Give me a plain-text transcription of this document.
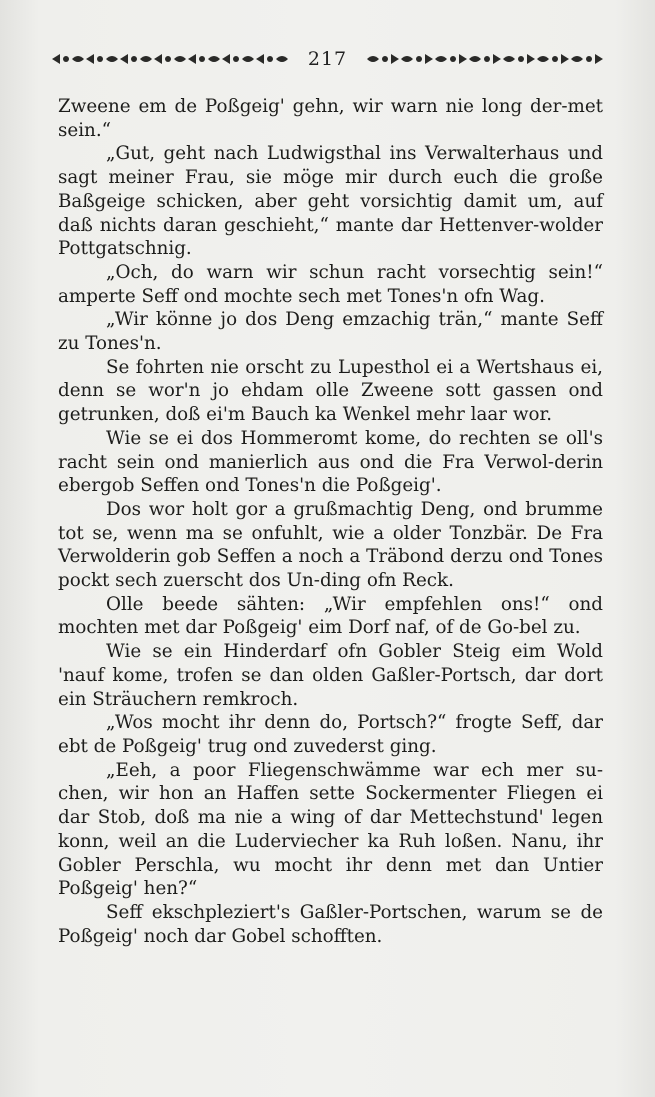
217

Zweene em de Poßgeig' gehn, wir warn nie long der-met sein.“

„Gut, geht nach Ludwigsthal ins Verwalterhaus und sagt meiner Frau, sie möge mir durch euch die große Baßgeige schicken, aber geht vorsichtig damit um, auf daß nichts daran geschieht,“ mante dar Hettenver-wolder Pottgatschnig.

„Och, do warn wir schun racht vorsechtig sein!“ amperte Seff ond mochte sech met Tones'n ofn Wag.

„Wir könne jo dos Deng emzachig trän,“ mante Seff zu Tones'n.

Se fohrten nie orscht zu Lupesthol ei a Wertshaus ei, denn se wor'n jo ehdam olle Zweene sott gassen ond getrunken, doß ei'm Bauch ka Wenkel mehr laar wor.

Wie se ei dos Hommeromt kome, do rechten se oll's racht sein ond manierlich aus ond die Fra Verwol-derin ebergob Seffen ond Tones'n die Poßgeig'.

Dos wor holt gor a grußmachtig Deng, ond brumme tot se, wenn ma se onfuhlt, wie a older Tonzbär. De Fra Verwolderin gob Seffen a noch a Träbond derzu ond Tones pockt sech zuerscht dos Un-ding ofn Reck.

Olle beede sähten: „Wir empfehlen ons!“ ond mochten met dar Poßgeig' eim Dorf naf, of de Go-bel zu.

Wie se ein Hinderdarf ofn Gobler Steig eim Wold 'nauf kome, trofen se dan olden Gaßler-Portsch, dar dort ein Sträuchern remkroch.

„Wos mocht ihr denn do, Portsch?“ frogte Seff, dar ebt de Poßgeig' trug ond zuvederst ging.

„Eeh, a poor Fliegenschwämme war ech mer su-chen, wir hon an Haffen sette Sockermenter Fliegen ei dar Stob, doß ma nie a wing of dar Mettechstund' legen konn, weil an die Luderviecher ka Ruh loßen. Nanu, ihr Gobler Perschla, wu mocht ihr denn met dan Untier Poßgeig' hen?“

Seff ekschpleziert's Gaßler-Portschen, warum se de Poßgeig' noch dar Gobel schofften.
